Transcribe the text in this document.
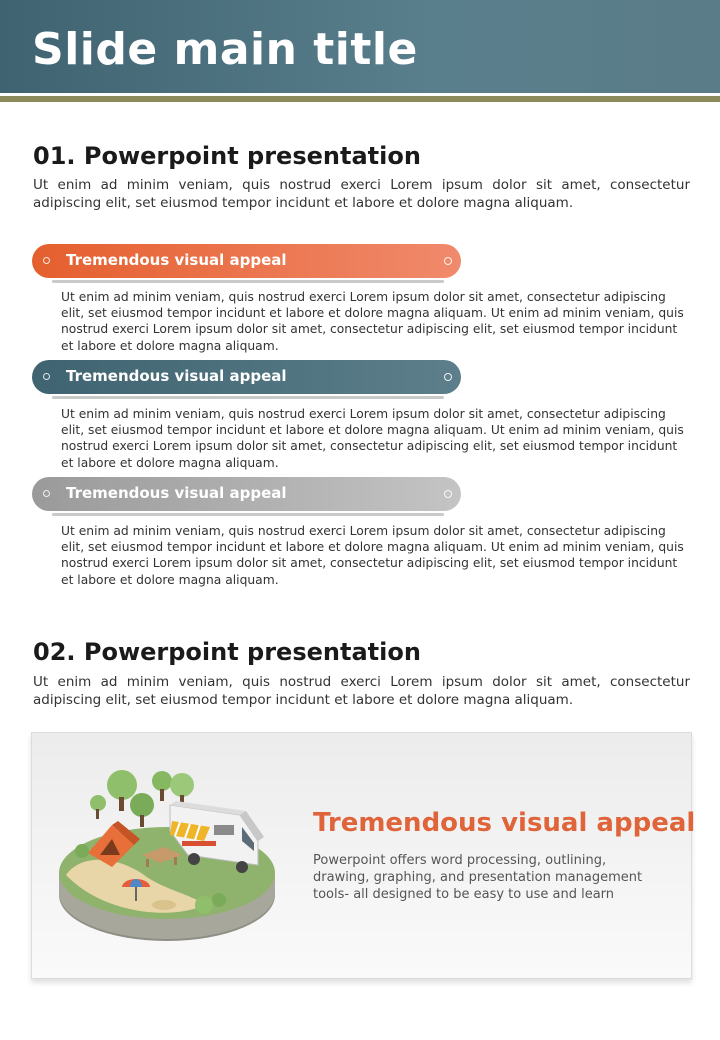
Slide main title
01. Powerpoint presentation
Ut enim ad minim veniam, quis nostrud exerci Lorem ipsum dolor sit amet, consectetur adipiscing elit, set eiusmod tempor incidunt et labore et dolore magna aliquam.
Tremendous visual appeal
Ut enim ad minim veniam, quis nostrud exerci Lorem ipsum dolor sit amet, consectetur adipiscing elit, set eiusmod tempor incidunt et labore et dolore magna aliquam. Ut enim ad minim veniam, quis nostrud exerci Lorem ipsum dolor sit amet, consectetur adipiscing elit, set eiusmod tempor incidunt et labore et dolore magna aliquam.
Tremendous visual appeal
Ut enim ad minim veniam, quis nostrud exerci Lorem ipsum dolor sit amet, consectetur adipiscing elit, set eiusmod tempor incidunt et labore et dolore magna aliquam. Ut enim ad minim veniam, quis nostrud exerci Lorem ipsum dolor sit amet, consectetur adipiscing elit, set eiusmod tempor incidunt et labore et dolore magna aliquam.
Tremendous visual appeal
Ut enim ad minim veniam, quis nostrud exerci Lorem ipsum dolor sit amet, consectetur adipiscing elit, set eiusmod tempor incidunt et labore et dolore magna aliquam. Ut enim ad minim veniam, quis nostrud exerci Lorem ipsum dolor sit amet, consectetur adipiscing elit, set eiusmod tempor incidunt et labore et dolore magna aliquam.
02. Powerpoint presentation
Ut enim ad minim veniam, quis nostrud exerci Lorem ipsum dolor sit amet, consectetur adipiscing elit, set eiusmod tempor incidunt et labore et dolore magna aliquam.
Tremendous visual appeal
Powerpoint offers word processing, outlining, drawing, graphing, and presentation management tools- all designed to be easy to use and learn
